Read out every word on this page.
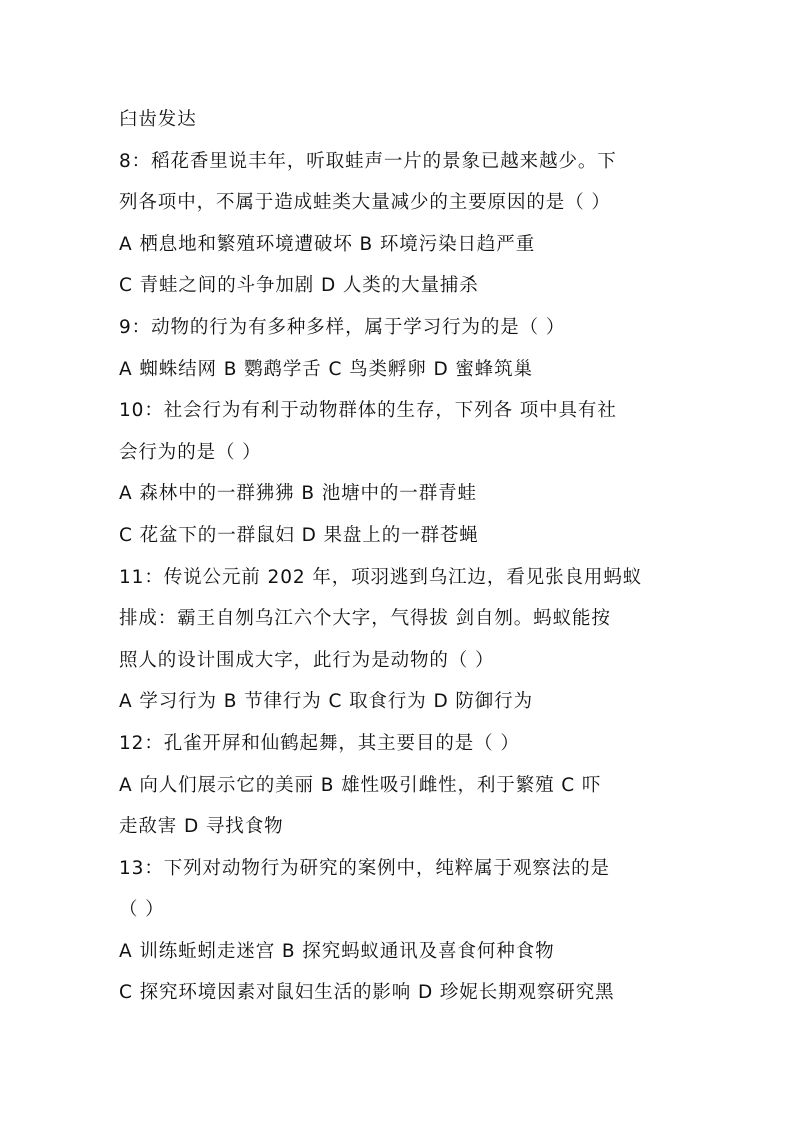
臼齿发达
8：稻花香里说丰年，听取蛙声一片的景象已越来越少。下
列各项中，不属于造成蛙类大量减少的主要原因的是（ ）
A 栖息地和繁殖环境遭破坏 B 环境污染日趋严重
C 青蛙之间的斗争加剧 D 人类的大量捕杀
9：动物的行为有多种多样，属于学习行为的是（ ）
A 蜘蛛结网 B 鹦鹉学舌 C 鸟类孵卵 D 蜜蜂筑巢
10：社会行为有利于动物群体的生存，下列各 项中具有社
会行为的是（ ）
A 森林中的一群狒狒 B 池塘中的一群青蛙
C 花盆下的一群鼠妇 D 果盘上的一群苍蝇
11：传说公元前 202 年，项羽逃到乌江边，看见张良用蚂蚁
排成：霸王自刎乌江六个大字，气得拔 剑自刎。蚂蚁能按
照人的设计围成大字，此行为是动物的（ ）
A 学习行为 B 节律行为 C 取食行为 D 防御行为
12：孔雀开屏和仙鹤起舞，其主要目的是（ ）
A 向人们展示它的美丽 B 雄性吸引雌性，利于繁殖 C 吓
走敌害 D 寻找食物
13：下列对动物行为研究的案例中，纯粹属于观察法的是
（ ）
A 训练蚯蚓走迷宫 B 探究蚂蚁通讯及喜食何种食物
C 探究环境因素对鼠妇生活的影响 D 珍妮长期观察研究黑
